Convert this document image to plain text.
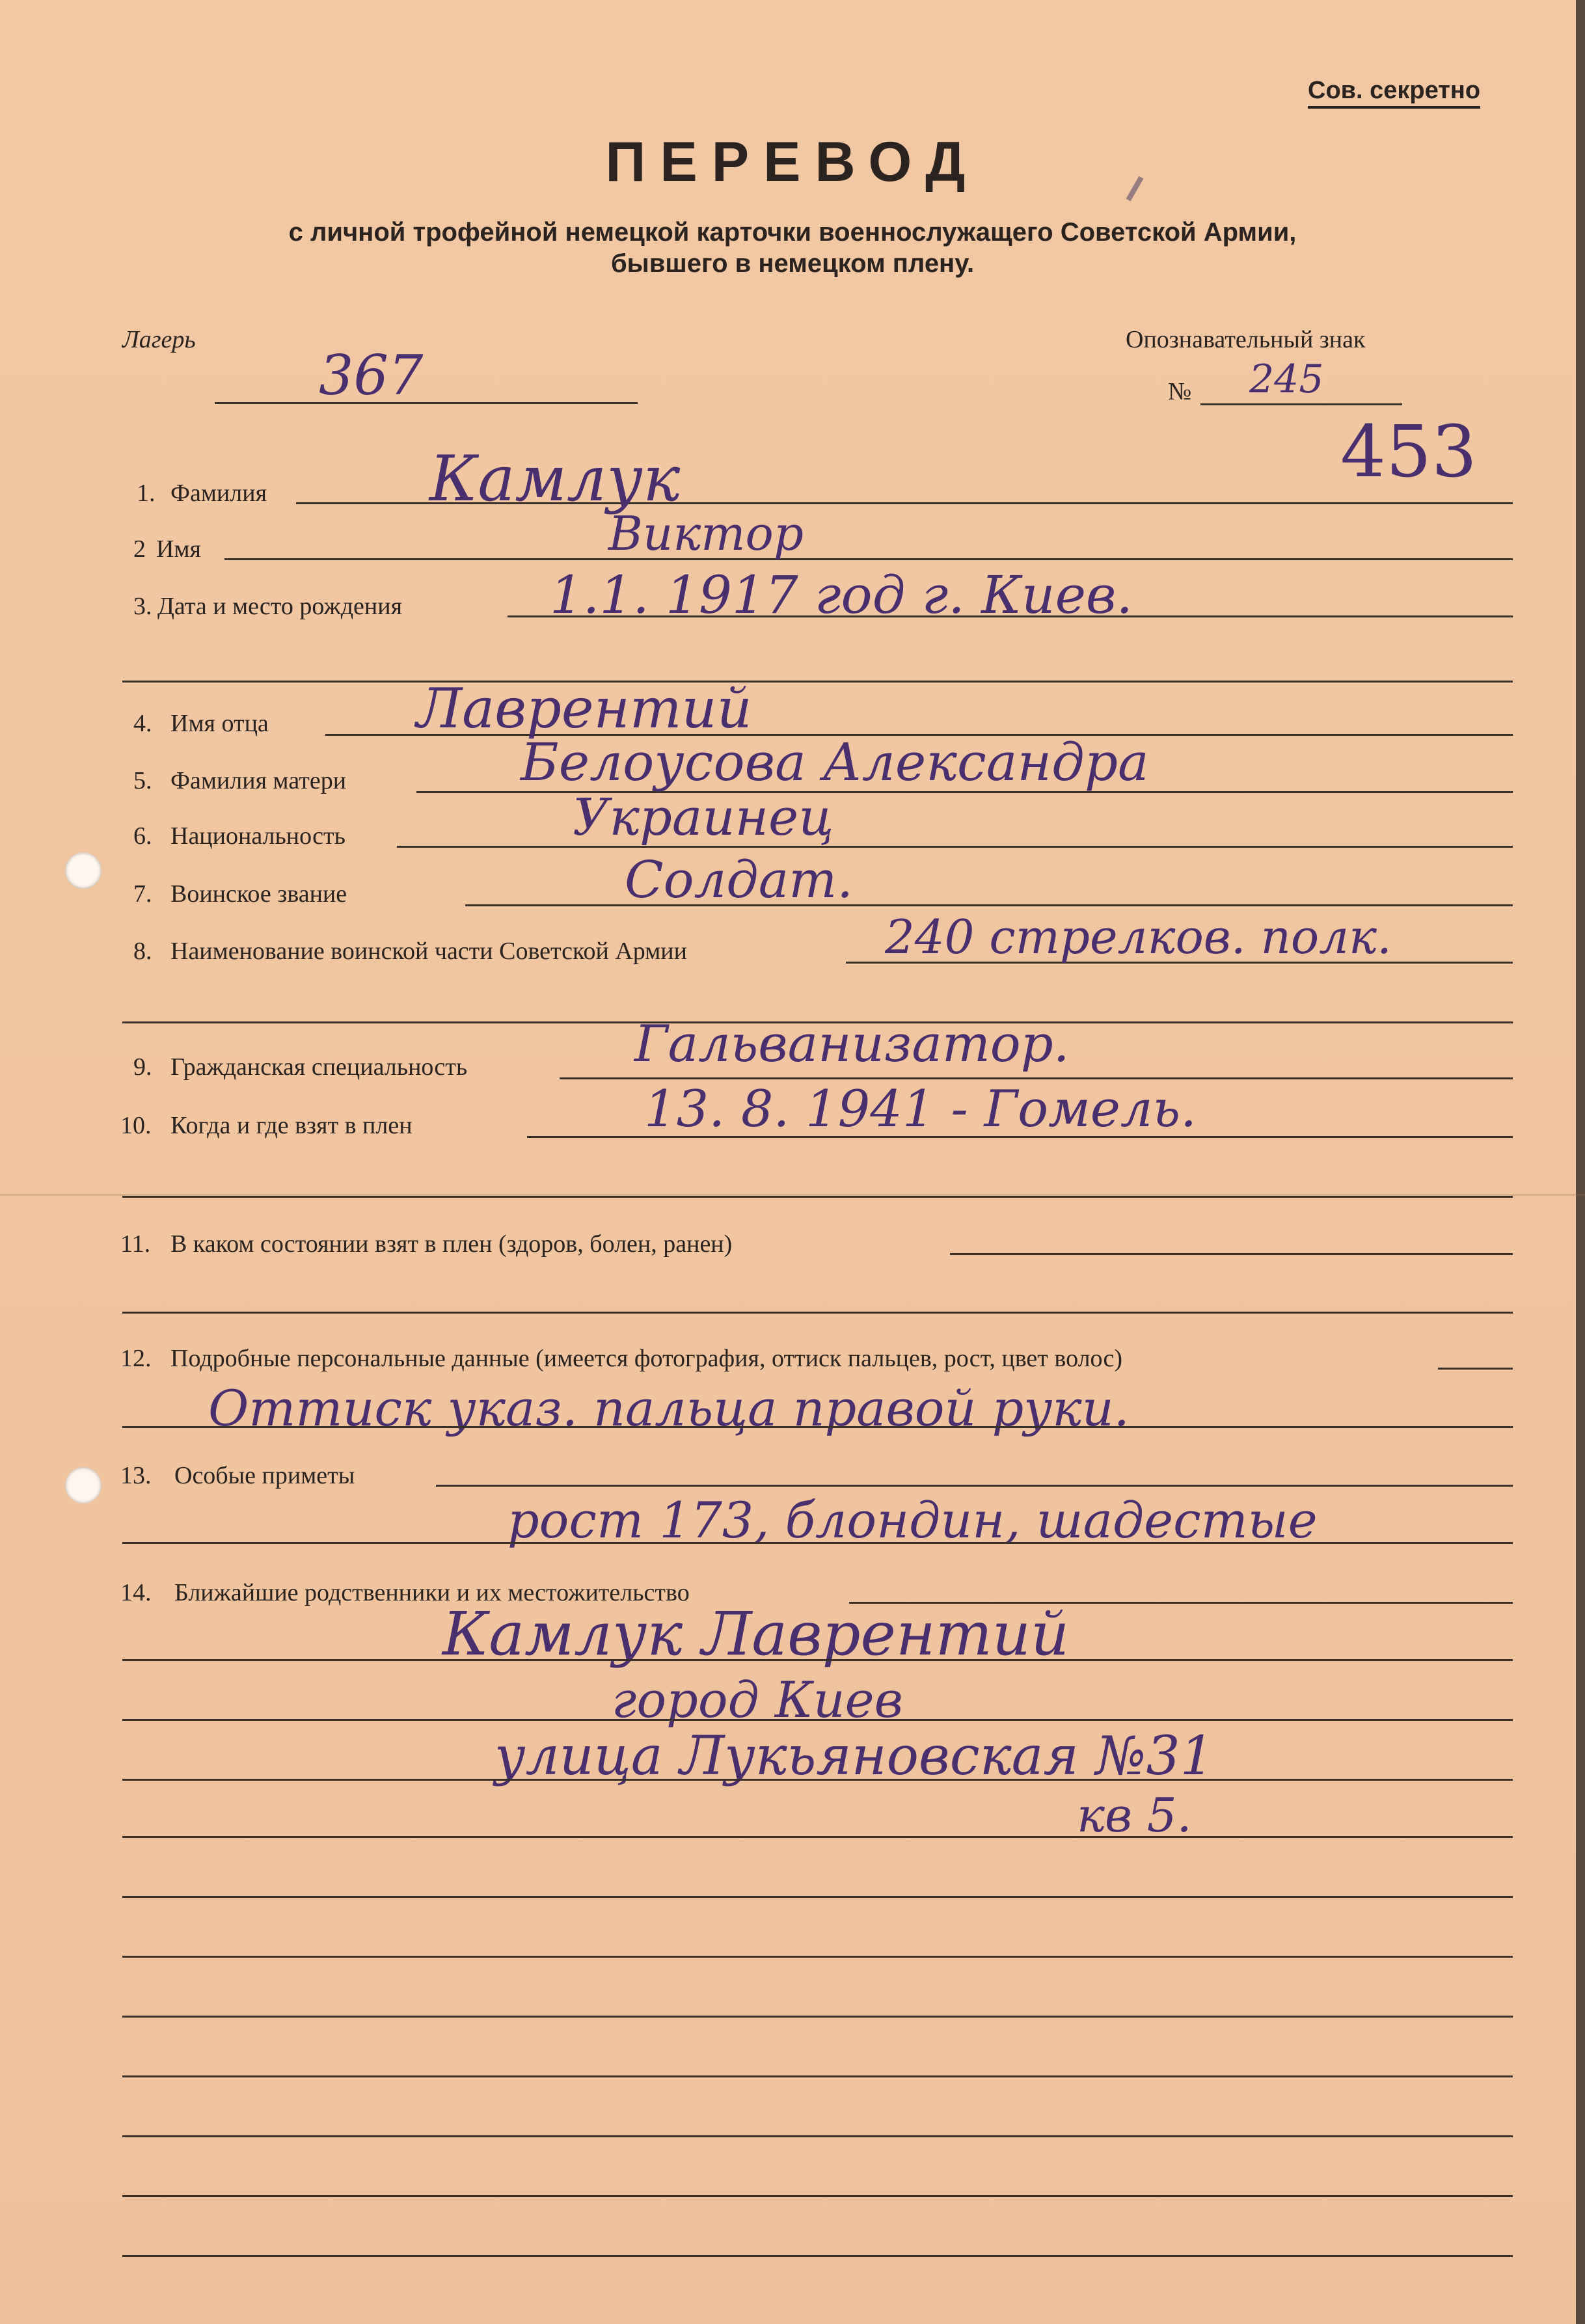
Сов. секретно
ПЕРЕВОД
с личной трофейной немецкой карточки военнослужащего Советской Армии,
бывшего в немецком плену.
Лагерь
367
Опознавательный знак
№ 245
453
1. Фамилия	Камлук
2 Имя	Виктор
3. Дата и место рождения	1.1. 1917 год г. Киев.
4. Имя отца	Лаврентий
5. Фамилия матери	Белоусова Александра
6. Национальность	Украинец
7. Воинское звание	Солдат.
8. Наименование воинской части Советской Армии	240 стрелков. полк.
9. Гражданская специальность	Гальванизатор.
10. Когда и где взят в плен	13. 8. 1941 - Гомель.
11. В каком состоянии взят в плен (здоров, болен, ранен)
12. Подробные персональные данные (имеется фотография, оттиск пальцев, рост, цвет волос)
Оттиск указ. пальца правой руки.
13. Особые приметы
рост 173, блондин, шадестые
14. Ближайшие родственники и их местожительство
Камлук Лаврентий
город Киев
улица Лукьяновская №31
кв 5.
